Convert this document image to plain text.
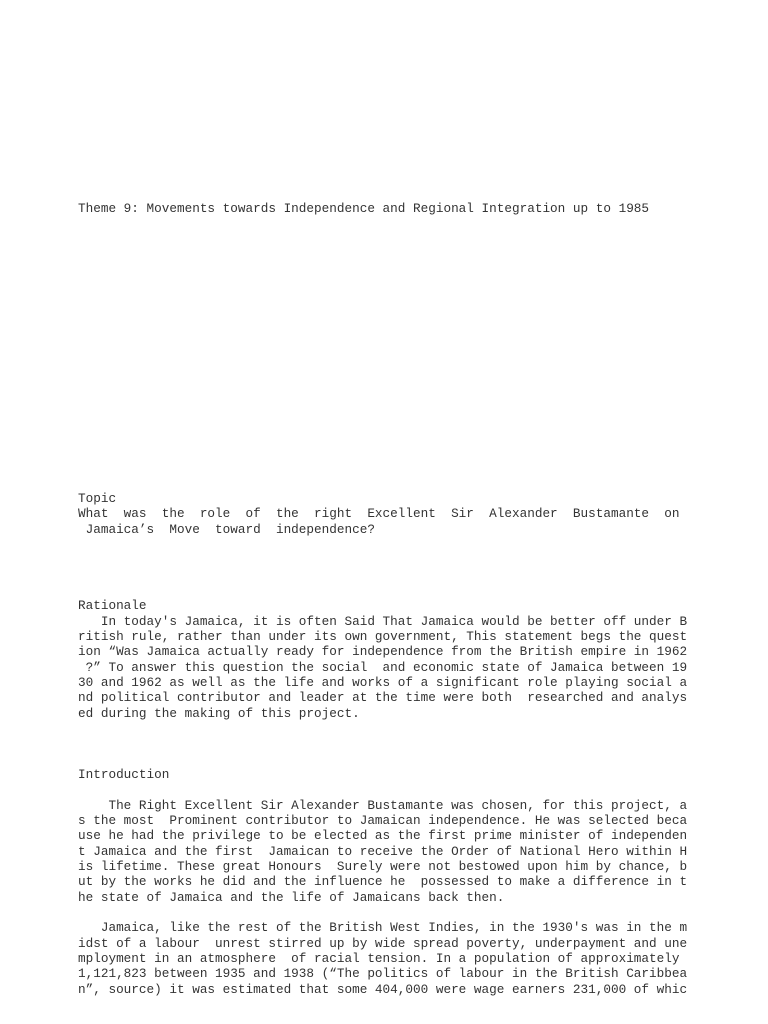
Theme 9: Movements towards Independence and Regional Integration up to 1985

Topic

What  was  the  role  of  the  right  Excellent  Sir  Alexander  Bustamante  on

Jamaica’s  Move  toward  independence?

Rationale

In today's Jamaica, it is often Said That Jamaica would be better off under B

ritish rule, rather than under its own government, This statement begs the quest

ion “Was Jamaica actually ready for independence from the British empire in 1962

?” To answer this question the social  and economic state of Jamaica between 19

30 and 1962 as well as the life and works of a significant role playing social a

nd political contributor and leader at the time were both  researched and analys

ed during the making of this project.

Introduction

The Right Excellent Sir Alexander Bustamante was chosen, for this project, a

s the most  Prominent contributor to Jamaican independence. He was selected beca

use he had the privilege to be elected as the first prime minister of independen

t Jamaica and the first  Jamaican to receive the Order of National Hero within H

is lifetime. These great Honours  Surely were not bestowed upon him by chance, b

ut by the works he did and the influence he  possessed to make a difference in t

he state of Jamaica and the life of Jamaicans back then.

Jamaica, like the rest of the British West Indies, in the 1930's was in the m

idst of a labour  unrest stirred up by wide spread poverty, underpayment and une

mployment in an atmosphere  of racial tension. In a population of approximately

1,121,823 between 1935 and 1938 (“The politics of labour in the British Caribbea

n”, source) it was estimated that some 404,000 were wage earners 231,000 of whic
